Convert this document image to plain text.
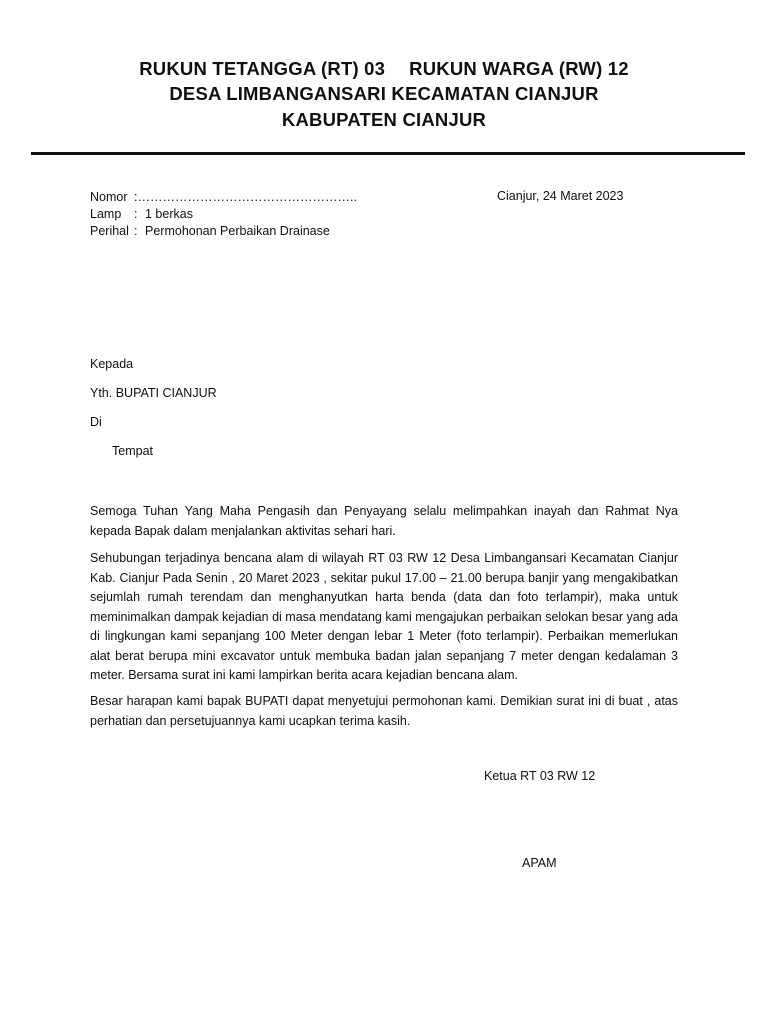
RUKUN TETANGGA (RT) 03 RUKUN WARGA (RW) 12
DESA LIMBANGANSARI KECAMATAN CIANJUR
KABUPATEN CIANJUR
Nomor :……………………………………………..
Lamp : 1 berkas
Perihal : Permohonan Perbaikan Drainase
Cianjur, 24 Maret 2023
Kepada
Yth. BUPATI CIANJUR
Di
Tempat

Semoga Tuhan Yang Maha Pengasih dan Penyayang selalu melimpahkan inayah dan Rahmat Nya kepada Bapak dalam menjalankan aktivitas sehari hari.

Sehubungan terjadinya bencana alam di wilayah RT 03 RW 12 Desa Limbangansari Kecamatan Cianjur Kab. Cianjur Pada Senin , 20 Maret 2023 , sekitar pukul 17.00 – 21.00 berupa banjir yang mengakibatkan sejumlah rumah terendam dan menghanyutkan harta benda (data dan foto terlampir), maka untuk meminimalkan dampak kejadian di masa mendatang kami mengajukan perbaikan selokan besar yang ada di lingkungan kami sepanjang 100 Meter dengan lebar 1 Meter (foto terlampir). Perbaikan memerlukan alat berat berupa mini excavator untuk membuka badan jalan sepanjang 7 meter dengan kedalaman 3 meter. Bersama surat ini kami lampirkan berita acara kejadian bencana alam.

Besar harapan kami bapak BUPATI dapat menyetujui permohonan kami. Demikian surat ini di buat , atas perhatian dan persetujuannya kami ucapkan terima kasih.

Ketua RT 03 RW 12
APAM
